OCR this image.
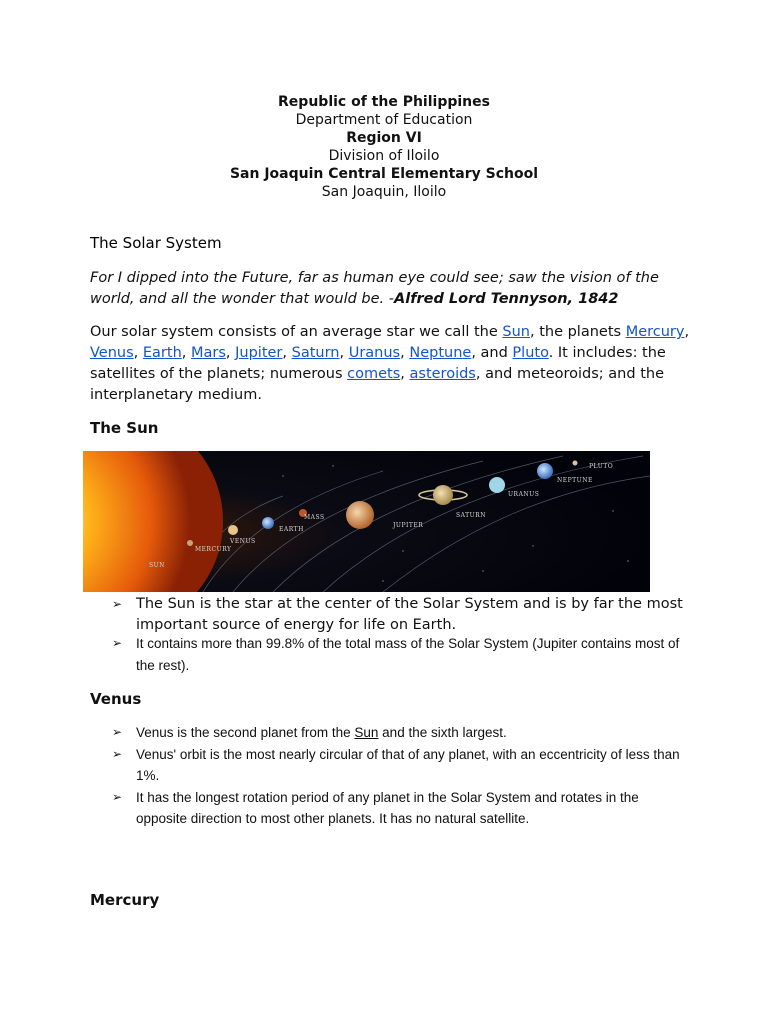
Republic of the Philippines
Department of Education
Region VI
Division of Iloilo
San Joaquin Central Elementary School
San Joaquin, Iloilo
The Solar System
For I dipped into the Future, far as human eye could see; saw the vision of the world, and all the wonder that would be. -Alfred Lord Tennyson, 1842
Our solar system consists of an average star we call the Sun, the planets Mercury, Venus, Earth, Mars, Jupiter, Saturn, Uranus, Neptune, and Pluto. It includes: the satellites of the planets; numerous comets, asteroids, and meteoroids; and the interplanetary medium.
The Sun
SUN
MERCURY
VENUS
EARTH
MASS
JUPITER
SATURN
URANUS
NEPTUNE
PLUTO
➢ The Sun is the star at the center of the Solar System and is by far the most important source of energy for life on Earth.
➢ It contains more than 99.8% of the total mass of the Solar System (Jupiter contains most of the rest).
Venus
➢ Venus is the second planet from the Sun and the sixth largest.
➢ Venus' orbit is the most nearly circular of that of any planet, with an eccentricity of less than 1%.
➢ It has the longest rotation period of any planet in the Solar System and rotates in the opposite direction to most other planets. It has no natural satellite.
Mercury
